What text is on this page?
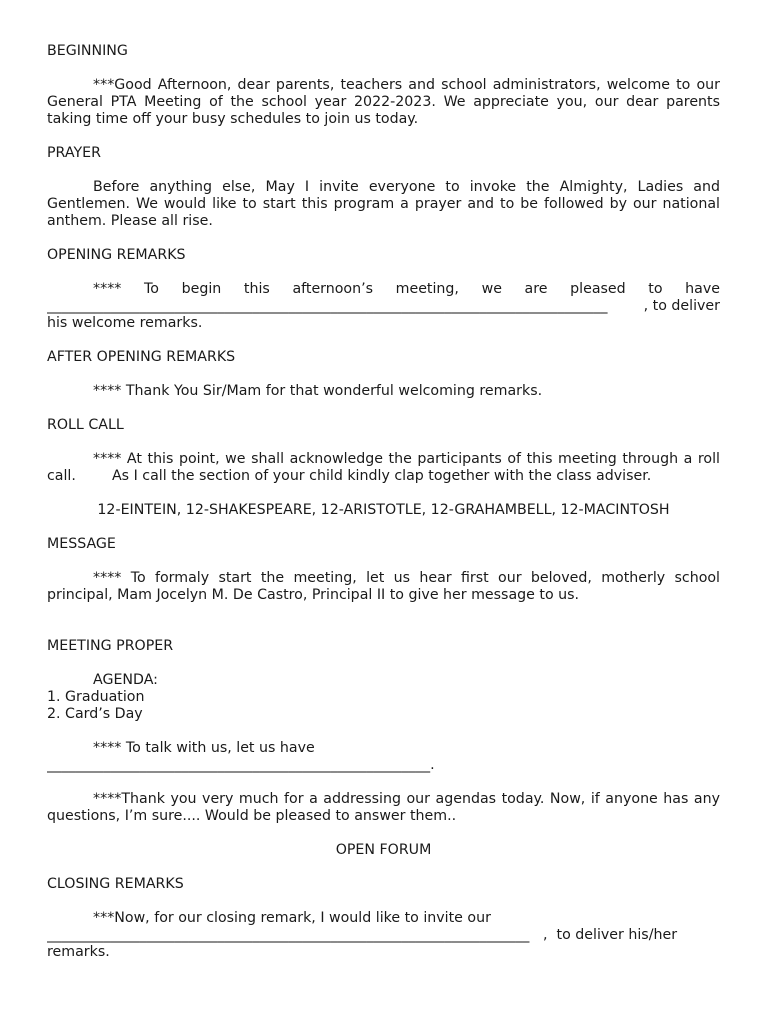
BEGINNING

***Good Afternoon, dear parents, teachers and school administrators, welcome to our General PTA Meeting of the school year 2022-2023. We appreciate you, our dear parents taking time off your busy schedules to join us today.

PRAYER

Before anything else, May I invite everyone to invoke the Almighty, Ladies and Gentlemen. We would like to start this program a prayer and to be followed by our national anthem. Please all rise.

OPENING REMARKS

**** To begin this afternoon’s meeting, we are pleased to have

_______________________________________________________________________________	, to deliver

his welcome remarks.

AFTER OPENING REMARKS

**** Thank You Sir/Mam for that wonderful welcoming remarks.

ROLL CALL

**** At this point, we shall acknowledge the participants of this meeting through a roll call.        As I call the section of your child kindly clap together with the class adviser.

12-EINTEIN, 12-SHAKESPEARE, 12-ARISTOTLE, 12-GRAHAMBELL, 12-MACINTOSH

MESSAGE

**** To formaly start the meeting, let us hear first our beloved, motherly school principal, Mam Jocelyn M. De Castro, Principal II to give her message to us.

MEETING PROPER

AGENDA:

1. Graduation

2. Card’s Day

**** To talk with us, let us have

______________________________________________________.

****Thank you very much for a addressing our agendas today. Now, if anyone has any questions, I’m sure.... Would be pleased to answer them..

OPEN FORUM

CLOSING REMARKS

***Now, for our closing remark, I would like to invite our

____________________________________________________________________ ,  to deliver his/her

remarks.
